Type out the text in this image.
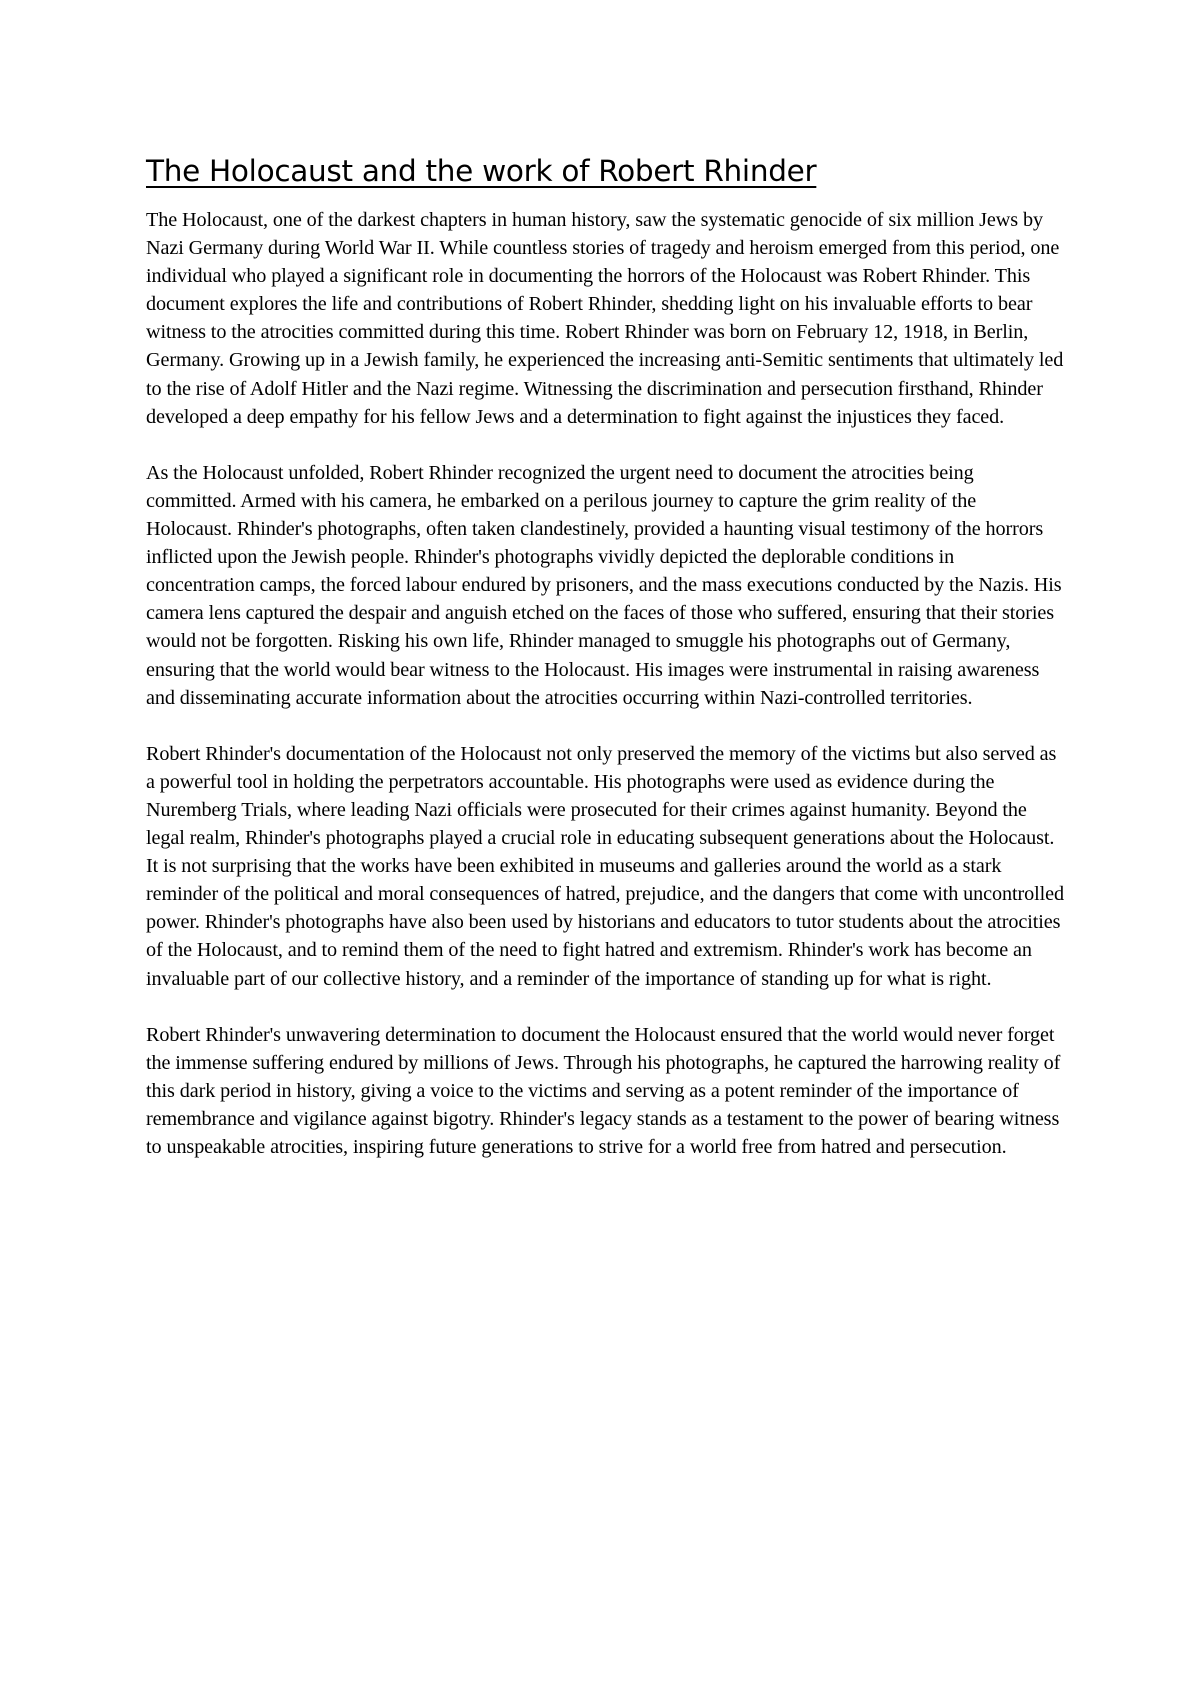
The Holocaust and the work of Robert Rhinder

The Holocaust, one of the darkest chapters in human history, saw the systematic genocide of six million Jews by Nazi Germany during World War II. While countless stories of tragedy and heroism emerged from this period, one individual who played a significant role in documenting the horrors of the Holocaust was Robert Rhinder. This document explores the life and contributions of Robert Rhinder, shedding light on his invaluable efforts to bear witness to the atrocities committed during this time. Robert Rhinder was born on February 12, 1918, in Berlin, Germany. Growing up in a Jewish family, he experienced the increasing anti-Semitic sentiments that ultimately led to the rise of Adolf Hitler and the Nazi regime. Witnessing the discrimination and persecution firsthand, Rhinder developed a deep empathy for his fellow Jews and a determination to fight against the injustices they faced.

As the Holocaust unfolded, Robert Rhinder recognized the urgent need to document the atrocities being committed. Armed with his camera, he embarked on a perilous journey to capture the grim reality of the Holocaust. Rhinder's photographs, often taken clandestinely, provided a haunting visual testimony of the horrors inflicted upon the Jewish people. Rhinder's photographs vividly depicted the deplorable conditions in concentration camps, the forced labour endured by prisoners, and the mass executions conducted by the Nazis. His camera lens captured the despair and anguish etched on the faces of those who suffered, ensuring that their stories would not be forgotten. Risking his own life, Rhinder managed to smuggle his photographs out of Germany, ensuring that the world would bear witness to the Holocaust. His images were instrumental in raising awareness and disseminating accurate information about the atrocities occurring within Nazi-controlled territories.

Robert Rhinder's documentation of the Holocaust not only preserved the memory of the victims but also served as a powerful tool in holding the perpetrators accountable. His photographs were used as evidence during the Nuremberg Trials, where leading Nazi officials were prosecuted for their crimes against humanity. Beyond the legal realm, Rhinder's photographs played a crucial role in educating subsequent generations about the Holocaust. It is not surprising that the works have been exhibited in museums and galleries around the world as a stark reminder of the political and moral consequences of hatred, prejudice, and the dangers that come with uncontrolled power. Rhinder's photographs have also been used by historians and educators to tutor students about the atrocities of the Holocaust, and to remind them of the need to fight hatred and extremism. Rhinder's work has become an invaluable part of our collective history, and a reminder of the importance of standing up for what is right.

Robert Rhinder's unwavering determination to document the Holocaust ensured that the world would never forget the immense suffering endured by millions of Jews. Through his photographs, he captured the harrowing reality of this dark period in history, giving a voice to the victims and serving as a potent reminder of the importance of remembrance and vigilance against bigotry. Rhinder's legacy stands as a testament to the power of bearing witness to unspeakable atrocities, inspiring future generations to strive for a world free from hatred and persecution.
